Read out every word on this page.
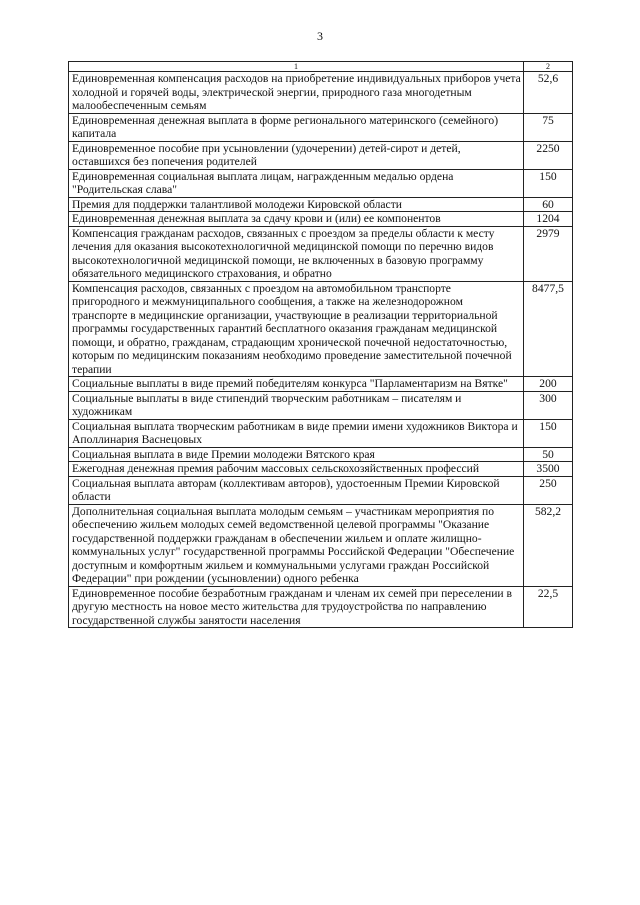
3
1	2
Единовременная компенсация расходов на приобретение индивидуальных приборов учета холодной и горячей воды, электрической энергии, природного газа многодетным малообеспеченным семьям	52,6
Единовременная денежная выплата в форме регионального материнского (семейного) капитала	75
Единовременное пособие при усыновлении (удочерении) детей-сирот и детей, оставшихся без попечения родителей	2250
Единовременная социальная выплата лицам, награжденным медалью ордена "Родительская слава"	150
Премия для поддержки талантливой молодежи Кировской области	60
Единовременная денежная выплата за сдачу крови и (или) ее компонентов	1204
Компенсация гражданам расходов, связанных с проездом за пределы области к месту лечения для оказания высокотехнологичной медицинской помощи по перечню видов высокотехнологичной медицинской помощи, не включенных в базовую программу обязательного медицинского страхования, и обратно	2979
Компенсация расходов, связанных с проездом на автомобильном транспорте пригородного и межмуниципального сообщения, а также на железнодорожном транспорте в медицинские организации, участвующие в реализации территориальной программы государственных гарантий бесплатного оказания гражданам медицинской помощи, и обратно, гражданам, страдающим хронической почечной недостаточностью, которым по медицинским показаниям необходимо проведение заместительной почечной терапии	8477,5
Социальные выплаты в виде премий победителям конкурса "Парламентаризм на Вятке"	200
Социальные выплаты в виде стипендий творческим работникам – писателям и художникам	300
Социальная выплата творческим работникам в виде премии имени художников Виктора и Аполлинария Васнецовых	150
Социальная выплата в виде Премии молодежи Вятского края	50
Ежегодная денежная премия рабочим массовых сельскохозяйственных профессий	3500
Социальная выплата авторам (коллективам авторов), удостоенным Премии Кировской области	250
Дополнительная социальная выплата молодым семьям – участникам мероприятия по обеспечению жильем молодых семей ведомственной целевой программы "Оказание государственной поддержки гражданам в обеспечении жильем и оплате жилищно-коммунальных услуг" государственной программы Российской Федерации "Обеспечение доступным и комфортным жильем и коммунальными услугами граждан Российской Федерации" при рождении (усыновлении) одного ребенка	582,2
Единовременное пособие безработным гражданам и членам их семей при переселении в другую местность на новое место жительства для трудоустройства по направлению государственной службы занятости населения	22,5
